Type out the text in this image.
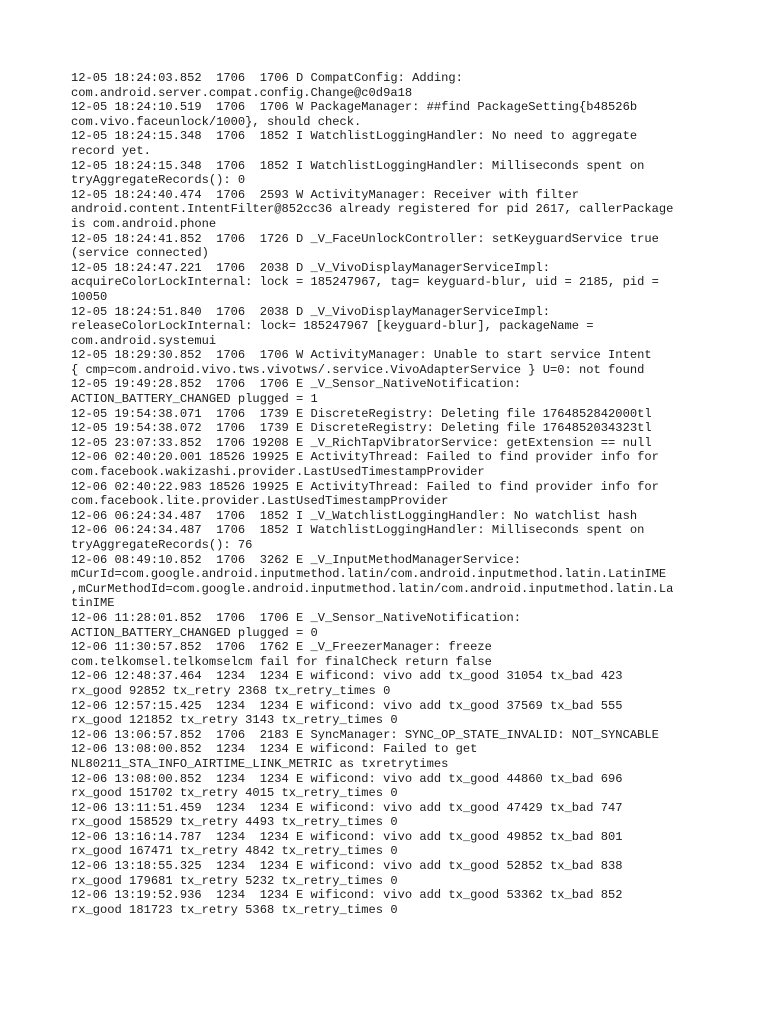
12-05 18:24:03.852  1706  1706 D CompatConfig: Adding:
com.android.server.compat.config.Change@c0d9a18
12-05 18:24:10.519  1706  1706 W PackageManager: ##find PackageSetting{b48526b
com.vivo.faceunlock/1000}, should check.
12-05 18:24:15.348  1706  1852 I WatchlistLoggingHandler: No need to aggregate
record yet.
12-05 18:24:15.348  1706  1852 I WatchlistLoggingHandler: Milliseconds spent on
tryAggregateRecords(): 0
12-05 18:24:40.474  1706  2593 W ActivityManager: Receiver with filter
android.content.IntentFilter@852cc36 already registered for pid 2617, callerPackage
is com.android.phone
12-05 18:24:41.852  1706  1726 D _V_FaceUnlockController: setKeyguardService true
(service connected)
12-05 18:24:47.221  1706  2038 D _V_VivoDisplayManagerServiceImpl:
acquireColorLockInternal: lock = 185247967, tag= keyguard-blur, uid = 2185, pid =
10050
12-05 18:24:51.840  1706  2038 D _V_VivoDisplayManagerServiceImpl:
releaseColorLockInternal: lock= 185247967 [keyguard-blur], packageName =
com.android.systemui
12-05 18:29:30.852  1706  1706 W ActivityManager: Unable to start service Intent
{ cmp=com.android.vivo.tws.vivotws/.service.VivoAdapterService } U=0: not found
12-05 19:49:28.852  1706  1706 E _V_Sensor_NativeNotification:
ACTION_BATTERY_CHANGED plugged = 1
12-05 19:54:38.071  1706  1739 E DiscreteRegistry: Deleting file 1764852842000tl
12-05 19:54:38.072  1706  1739 E DiscreteRegistry: Deleting file 1764852034323tl
12-05 23:07:33.852  1706 19208 E _V_RichTapVibratorService: getExtension == null
12-06 02:40:20.001 18526 19925 E ActivityThread: Failed to find provider info for
com.facebook.wakizashi.provider.LastUsedTimestampProvider
12-06 02:40:22.983 18526 19925 E ActivityThread: Failed to find provider info for
com.facebook.lite.provider.LastUsedTimestampProvider
12-06 06:24:34.487  1706  1852 I _V_WatchlistLoggingHandler: No watchlist hash
12-06 06:24:34.487  1706  1852 I WatchlistLoggingHandler: Milliseconds spent on
tryAggregateRecords(): 76
12-06 08:49:10.852  1706  3262 E _V_InputMethodManagerService:
mCurId=com.google.android.inputmethod.latin/com.android.inputmethod.latin.LatinIME
,mCurMethodId=com.google.android.inputmethod.latin/com.android.inputmethod.latin.La
tinIME
12-06 11:28:01.852  1706  1706 E _V_Sensor_NativeNotification:
ACTION_BATTERY_CHANGED plugged = 0
12-06 11:30:57.852  1706  1762 E _V_FreezerManager: freeze
com.telkomsel.telkomselcm fail for finalCheck return false
12-06 12:48:37.464  1234  1234 E wificond: vivo add tx_good 31054 tx_bad 423
rx_good 92852 tx_retry 2368 tx_retry_times 0
12-06 12:57:15.425  1234  1234 E wificond: vivo add tx_good 37569 tx_bad 555
rx_good 121852 tx_retry 3143 tx_retry_times 0
12-06 13:06:57.852  1706  2183 E SyncManager: SYNC_OP_STATE_INVALID: NOT_SYNCABLE
12-06 13:08:00.852  1234  1234 E wificond: Failed to get
NL80211_STA_INFO_AIRTIME_LINK_METRIC as txretrytimes
12-06 13:08:00.852  1234  1234 E wificond: vivo add tx_good 44860 tx_bad 696
rx_good 151702 tx_retry 4015 tx_retry_times 0
12-06 13:11:51.459  1234  1234 E wificond: vivo add tx_good 47429 tx_bad 747
rx_good 158529 tx_retry 4493 tx_retry_times 0
12-06 13:16:14.787  1234  1234 E wificond: vivo add tx_good 49852 tx_bad 801
rx_good 167471 tx_retry 4842 tx_retry_times 0
12-06 13:18:55.325  1234  1234 E wificond: vivo add tx_good 52852 tx_bad 838
rx_good 179681 tx_retry 5232 tx_retry_times 0
12-06 13:19:52.936  1234  1234 E wificond: vivo add tx_good 53362 tx_bad 852
rx_good 181723 tx_retry 5368 tx_retry_times 0
